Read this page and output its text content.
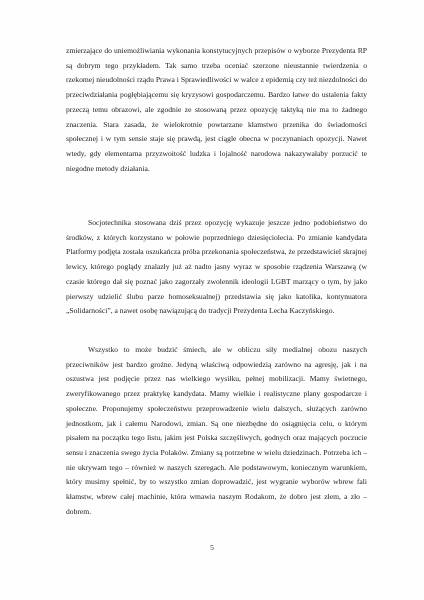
zmierzające do uniemożliwiania wykonania konstytucyjnych przepisów o wyborze Prezydenta RP są dobrym tego przykładem. Tak samo trzeba oceniać szerzone nieustannie twierdzenia o rzekomej nieudolności rządu Prawa i Sprawiedliwości w walce z epidemią czy też niezdolności do przeciwdziałania pogłębiającemu się kryzysowi gospodarczemu. Bardzo łatwe do ustalenia fakty przeczą temu obrazowi, ale zgodnie ze stosowaną przez opozycję taktyką nie ma to żadnego znaczenia. Stara zasada, że wielokrotnie powtarzane kłamstwo przenika do świadomości społecznej i w tym sensie staje się prawdą, jest ciągle obecna w poczynaniach opozycji. Nawet wtedy, gdy elementarna przyzwoitość ludzka i lojalność narodowa nakazywałaby porzucić te niegodne metody działania.

Socjotechnika stosowana dziś przez opozycję wykazuje jeszcze jedno podobieństwo do środków, z których korzystano w połowie poprzedniego dziesięciolecia. Po zmianie kandydata Platformy podjęta została oszukańcza próba przekonania społeczeństwa, że przedstawiciel skrajnej lewicy, którego poglądy znalazły już aż nadto jasny wyraz w sposobie rządzenia Warszawą (w czasie którego dał się poznać jako zagorzały zwolennik ideologii LGBT marzący o tym, by jako pierwszy udzielić ślubu parze homoseksualnej) przedstawia się jako katolika, kontynuatora „Solidarności”, a nawet osobę nawiązującą do tradycji Prezydenta Lecha Kaczyńskiego.

Wszystko to może budzić śmiech, ale w obliczu siły medialnej obozu naszych przeciwników jest bardzo groźne. Jedyną właściwą odpowiedzią zarówno na agresję, jak i na oszustwa jest podjęcie przez nas wielkiego wysiłku, pełnej mobilizacji. Mamy świetnego, zweryfikowanego przez praktykę kandydata. Mamy wielkie i realistyczne plany gospodarcze i społeczne. Proponujemy społeczeństwu przeprowadzenie wielu dalszych, służących zarówno jednostkom, jak i całemu Narodowi, zmian. Są one niezbędne do osiągnięcia celu, o którym pisałem na początku tego listu, jakim jest Polska szczęśliwych, godnych oraz mających poczucie sensu i znaczenia swego życia Polaków. Zmiany są potrzebne w wielu dziedzinach. Potrzeba ich – nie ukrywam tego – również w naszych szeregach. Ale podstawowym, koniecznym warunkiem, który musimy spełnić, by to wszystko zmian doprowadzić, jest wygranie wyborów wbrew fali kłamstw, wbrew całej machinie, która wmawia naszym Rodakom, że dobro jest złem, a zło – dobrem.

5
